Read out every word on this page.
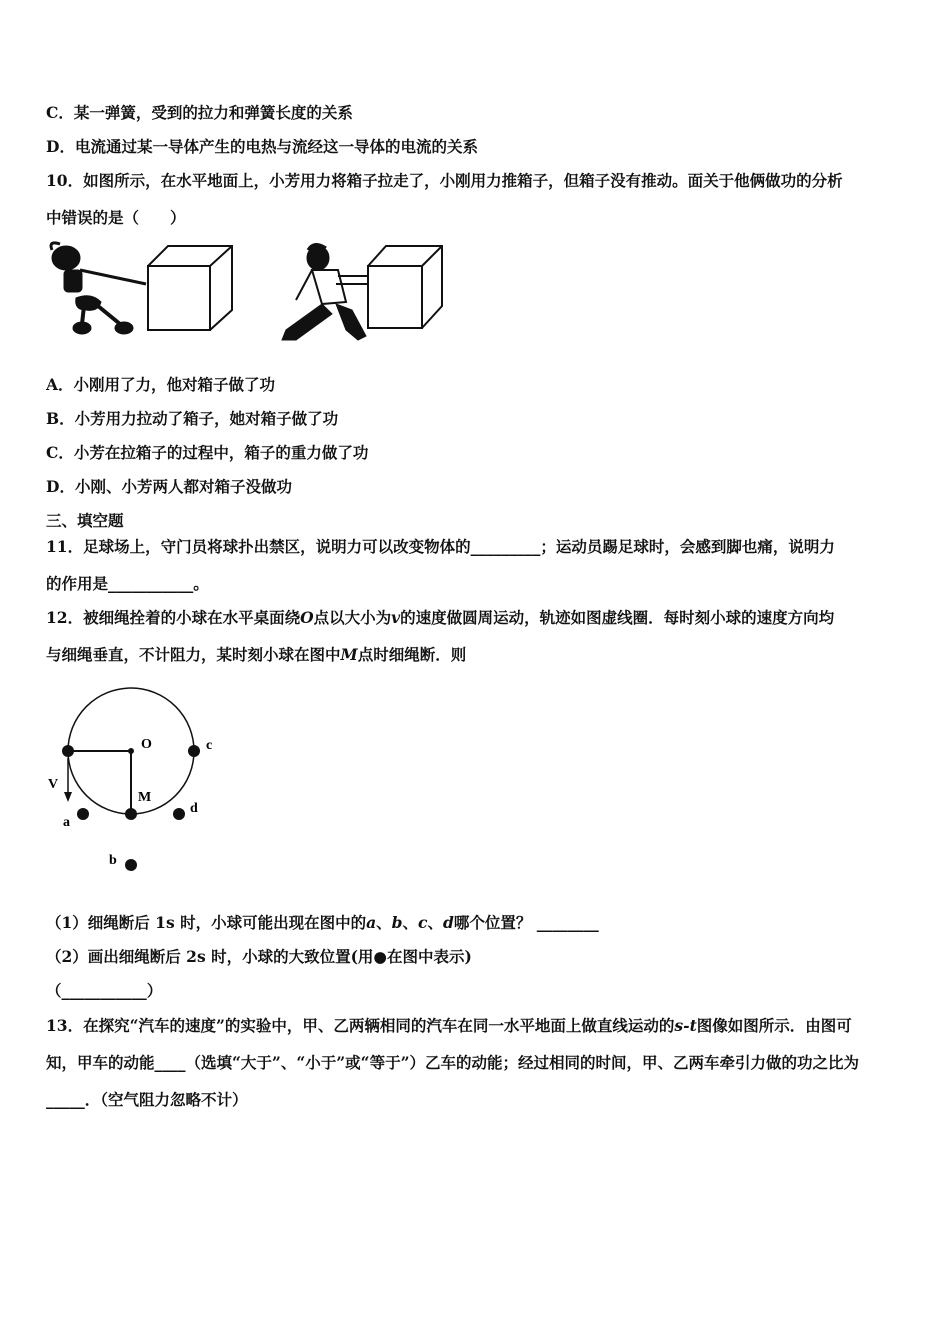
C．某一弹簧，受到的拉力和弹簧长度的关系
D．电流通过某一导体产生的电热与流经这一导体的电流的关系
10．如图所示，在水平地面上，小芳用力将箱子拉走了，小刚用力推箱子，但箱子没有推动。面关于他俩做功的分析
中错误的是（　　）
A．小刚用了力，他对箱子做了功
B．小芳用力拉动了箱子，她对箱子做了功
C．小芳在拉箱子的过程中，箱子的重力做了功
D．小刚、小芳两人都对箱子没做功
三、填空题
11．足球场上，守门员将球扑出禁区，说明力可以改变物体的_________；运动员踢足球时，会感到脚也痛，说明力
的作用是___________。
12．被细绳拴着的小球在水平桌面绕O点以大小为v的速度做圆周运动，轨迹如图虚线圈．每时刻小球的速度方向均
与细绳垂直，不计阻力，某时刻小球在图中M点时细绳断．则
O	c
V
M
a
d
b
（1）细绳断后 1s 时，小球可能出现在图中的a、b、c、d哪个位置？ ________
（2）画出细绳断后 2s 时，小球的大致位置(用●在图中表示)
（___________）
13．在探究“汽车的速度”的实验中，甲、乙两辆相同的汽车在同一水平地面上做直线运动的s-t图像如图所示．由图可
知，甲车的动能____（选填“大于”、“小于”或“等于”）乙车的动能；经过相同的时间，甲、乙两车牵引力做的功之比为
_____．（空气阻力忽略不计）
